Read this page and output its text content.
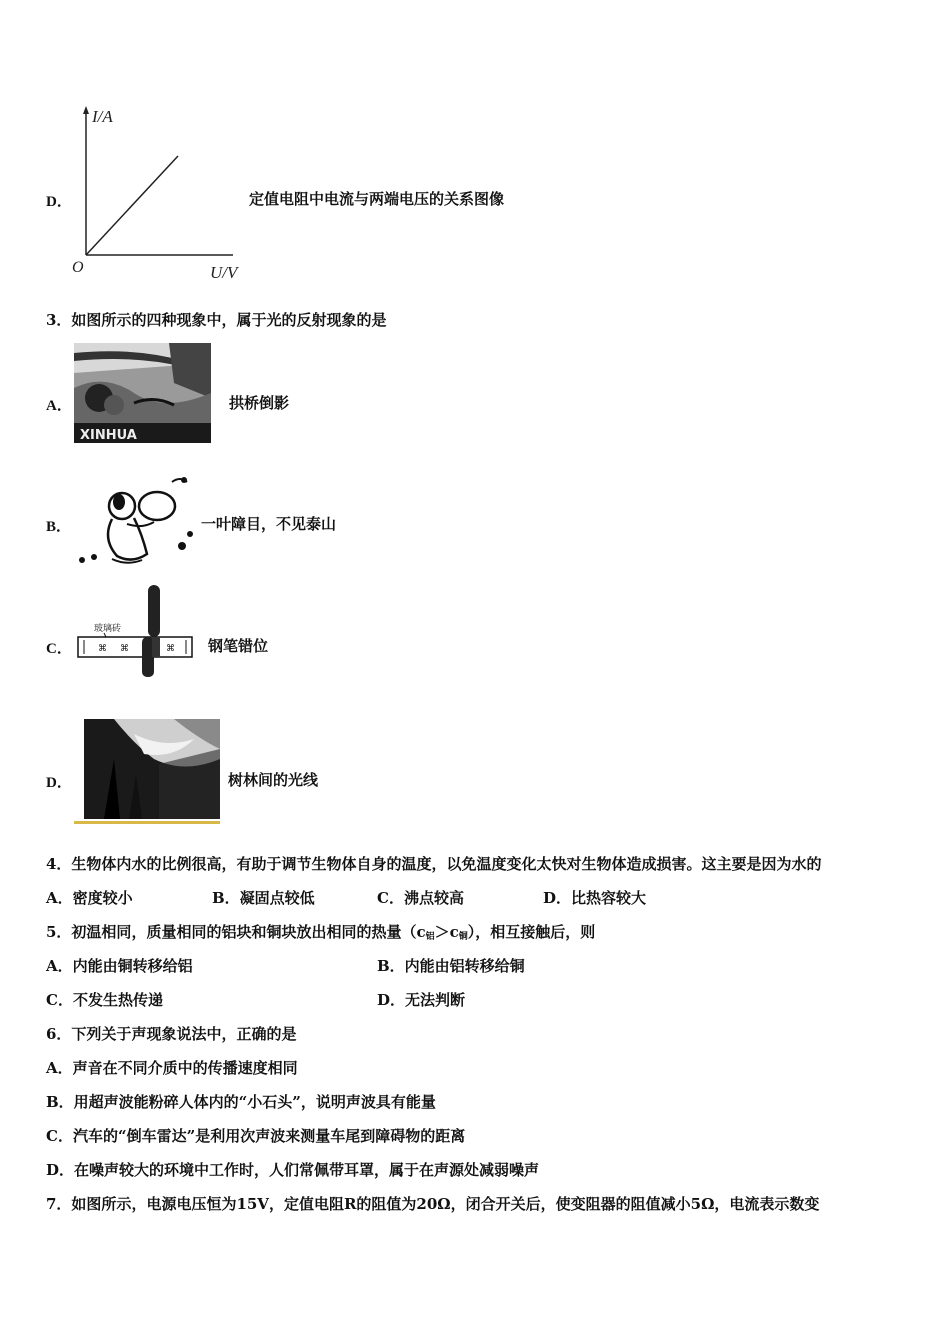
D．
I/A
U/V
O
定值电阻中电流与两端电压的关系图像
3．如图所示的四种现象中，属于光的反射现象的是
A．
XINHUA
拱桥倒影
B．	一叶障目，不见泰山
C．	⌘ ⌘	⌘
玻璃砖
钢笔错位
D．	树林间的光线
4．生物体内水的比例很高，有助于调节生物体自身的温度，以免温度变化太快对生物体造成损害。这主要是因为水的
A．密度较小	B．凝固点较低	C．沸点较高	D．比热容较大
5．初温相同，质量相同的铝块和铜块放出相同的热量$(c_铝>c_铜)$，相互接触后，则
A．内能由铜转移给铝	B．内能由铝转移给铜
C．不发生热传递	D．无法判断
6．下列关于声现象说法中，正确的是
A．声音在不同介质中的传播速度相同
B．用超声波能粉碎人体内的“小石头”，说明声波具有能量
C．汽车的“倒车雷达”是利用次声波来测量车尾到障碍物的距离
D．在噪声较大的环境中工作时，人们常佩带耳罩，属于在声源处减弱噪声
7．如图所示，电源电压恒为15V，定值电阻R的阻值为20Ω，闭合开关后，使变阻器的阻值减小5Ω，电流表示数变
